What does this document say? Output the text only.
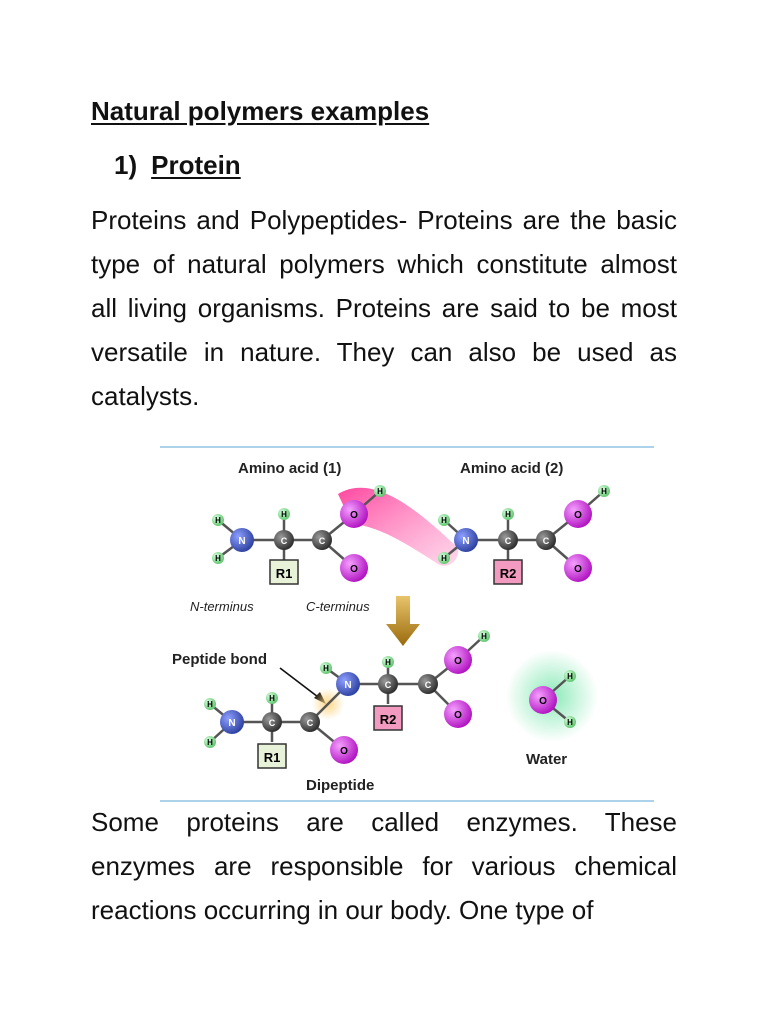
Natural polymers examples
1) Protein

Proteins and Polypeptides- Proteins are the basic type of natural polymers which constitute almost all living organisms. Proteins are said to be most versatile in nature. They can also be used as catalysts.

Amino acid (1)	Amino acid (2)
H
H
H
H
N	C	C
O
O
R1
H
H
H
H
N	C	C
O
O
R2
N-terminus	C-terminus
Peptide bond
H
H
H
H
H
H
N	C	C
O
N	C	C
O
O
R1
R2
O
H
H
Water
Dipeptide

Some proteins are called enzymes. These enzymes are responsible for various chemical reactions occurring in our body. One type of
